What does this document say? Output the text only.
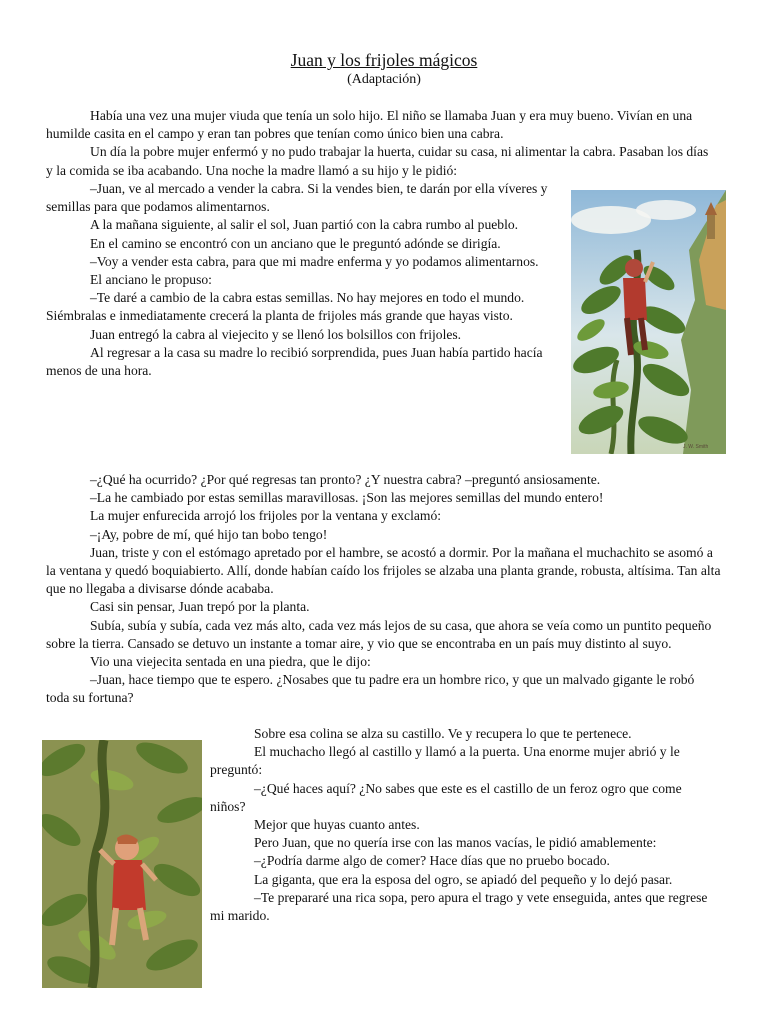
Juan y los frijoles mágicos
(Adaptación)

Había una vez una mujer viuda que tenía un solo hijo. El niño se llamaba Juan y era muy bueno. Vivían en una humilde casita en el campo y eran tan pobres que tenían como único bien una cabra.

Un día la pobre mujer enfermó y no pudo trabajar la huerta, cuidar su casa, ni alimentar la cabra. Pasaban los días y la comida se iba acabando. Una noche la madre llamó a su hijo y le pidió:

–Juan, ve al mercado a vender la cabra. Si la vendes bien, te darán por ella víveres y semillas para que podamos alimentarnos.

A la mañana siguiente, al salir el sol, Juan partió con la cabra rumbo al pueblo.

En el camino se encontró con un anciano que le preguntó adónde se dirigía.

–Voy a vender esta cabra, para que mi madre enferma y yo podamos alimentarnos.

El anciano le propuso:

–Te daré a cambio de la cabra estas semillas. No hay mejores en todo el mundo. Siémbralas e inmediatamente crecerá la planta de frijoles más grande que hayas visto.

Juan entregó la cabra al viejecito y se llenó los bolsillos con frijoles.

Al regresar a la casa su madre lo recibió sorprendida, pues Juan había partido hacía menos de una hora.

J. W. Smith

–¿Qué ha ocurrido? ¿Por qué regresas tan pronto? ¿Y nuestra cabra? –preguntó ansiosamente.

–La he cambiado por estas semillas maravillosas. ¡Son las mejores semillas del mundo entero!

La mujer enfurecida arrojó los frijoles por la ventana y exclamó:

–¡Ay, pobre de mí, qué hijo tan bobo tengo!

Juan, triste y con el estómago apretado por el hambre, se acostó a dormir. Por la mañana el muchachito se asomó a la ventana y quedó boquiabierto. Allí, donde habían caído los frijoles se alzaba una planta grande, robusta, altísima. Tan alta que no llegaba a divisarse dónde acababa.

Casi sin pensar, Juan trepó por la planta.

Subía, subía y subía, cada vez más alto, cada vez más lejos de su casa, que ahora se veía como un puntito pequeño sobre la tierra. Cansado se detuvo un instante a tomar aire, y vio que se encontraba en un país muy distinto al suyo.

Vio una viejecita sentada en una piedra, que le dijo:

–Juan, hace tiempo que te espero. ¿Nosabes que tu padre era un hombre rico, y que un malvado gigante le robó toda su fortuna?

Sobre esa colina se alza su castillo. Ve y recupera lo que te pertenece.

El muchacho llegó al castillo y llamó a la puerta. Una enorme mujer abrió y le preguntó:

–¿Qué haces aquí? ¿No sabes que este es el castillo de un feroz ogro que come niños?

Mejor que huyas cuanto antes.

Pero Juan, que no quería irse con las manos vacías, le pidió amablemente:

–¿Podría darme algo de comer? Hace días que no pruebo bocado.

La giganta, que era la esposa del ogro, se apiadó del pequeño y lo dejó pasar.

–Te prepararé una rica sopa, pero apura el trago y vete enseguida, antes que regrese mi marido.
